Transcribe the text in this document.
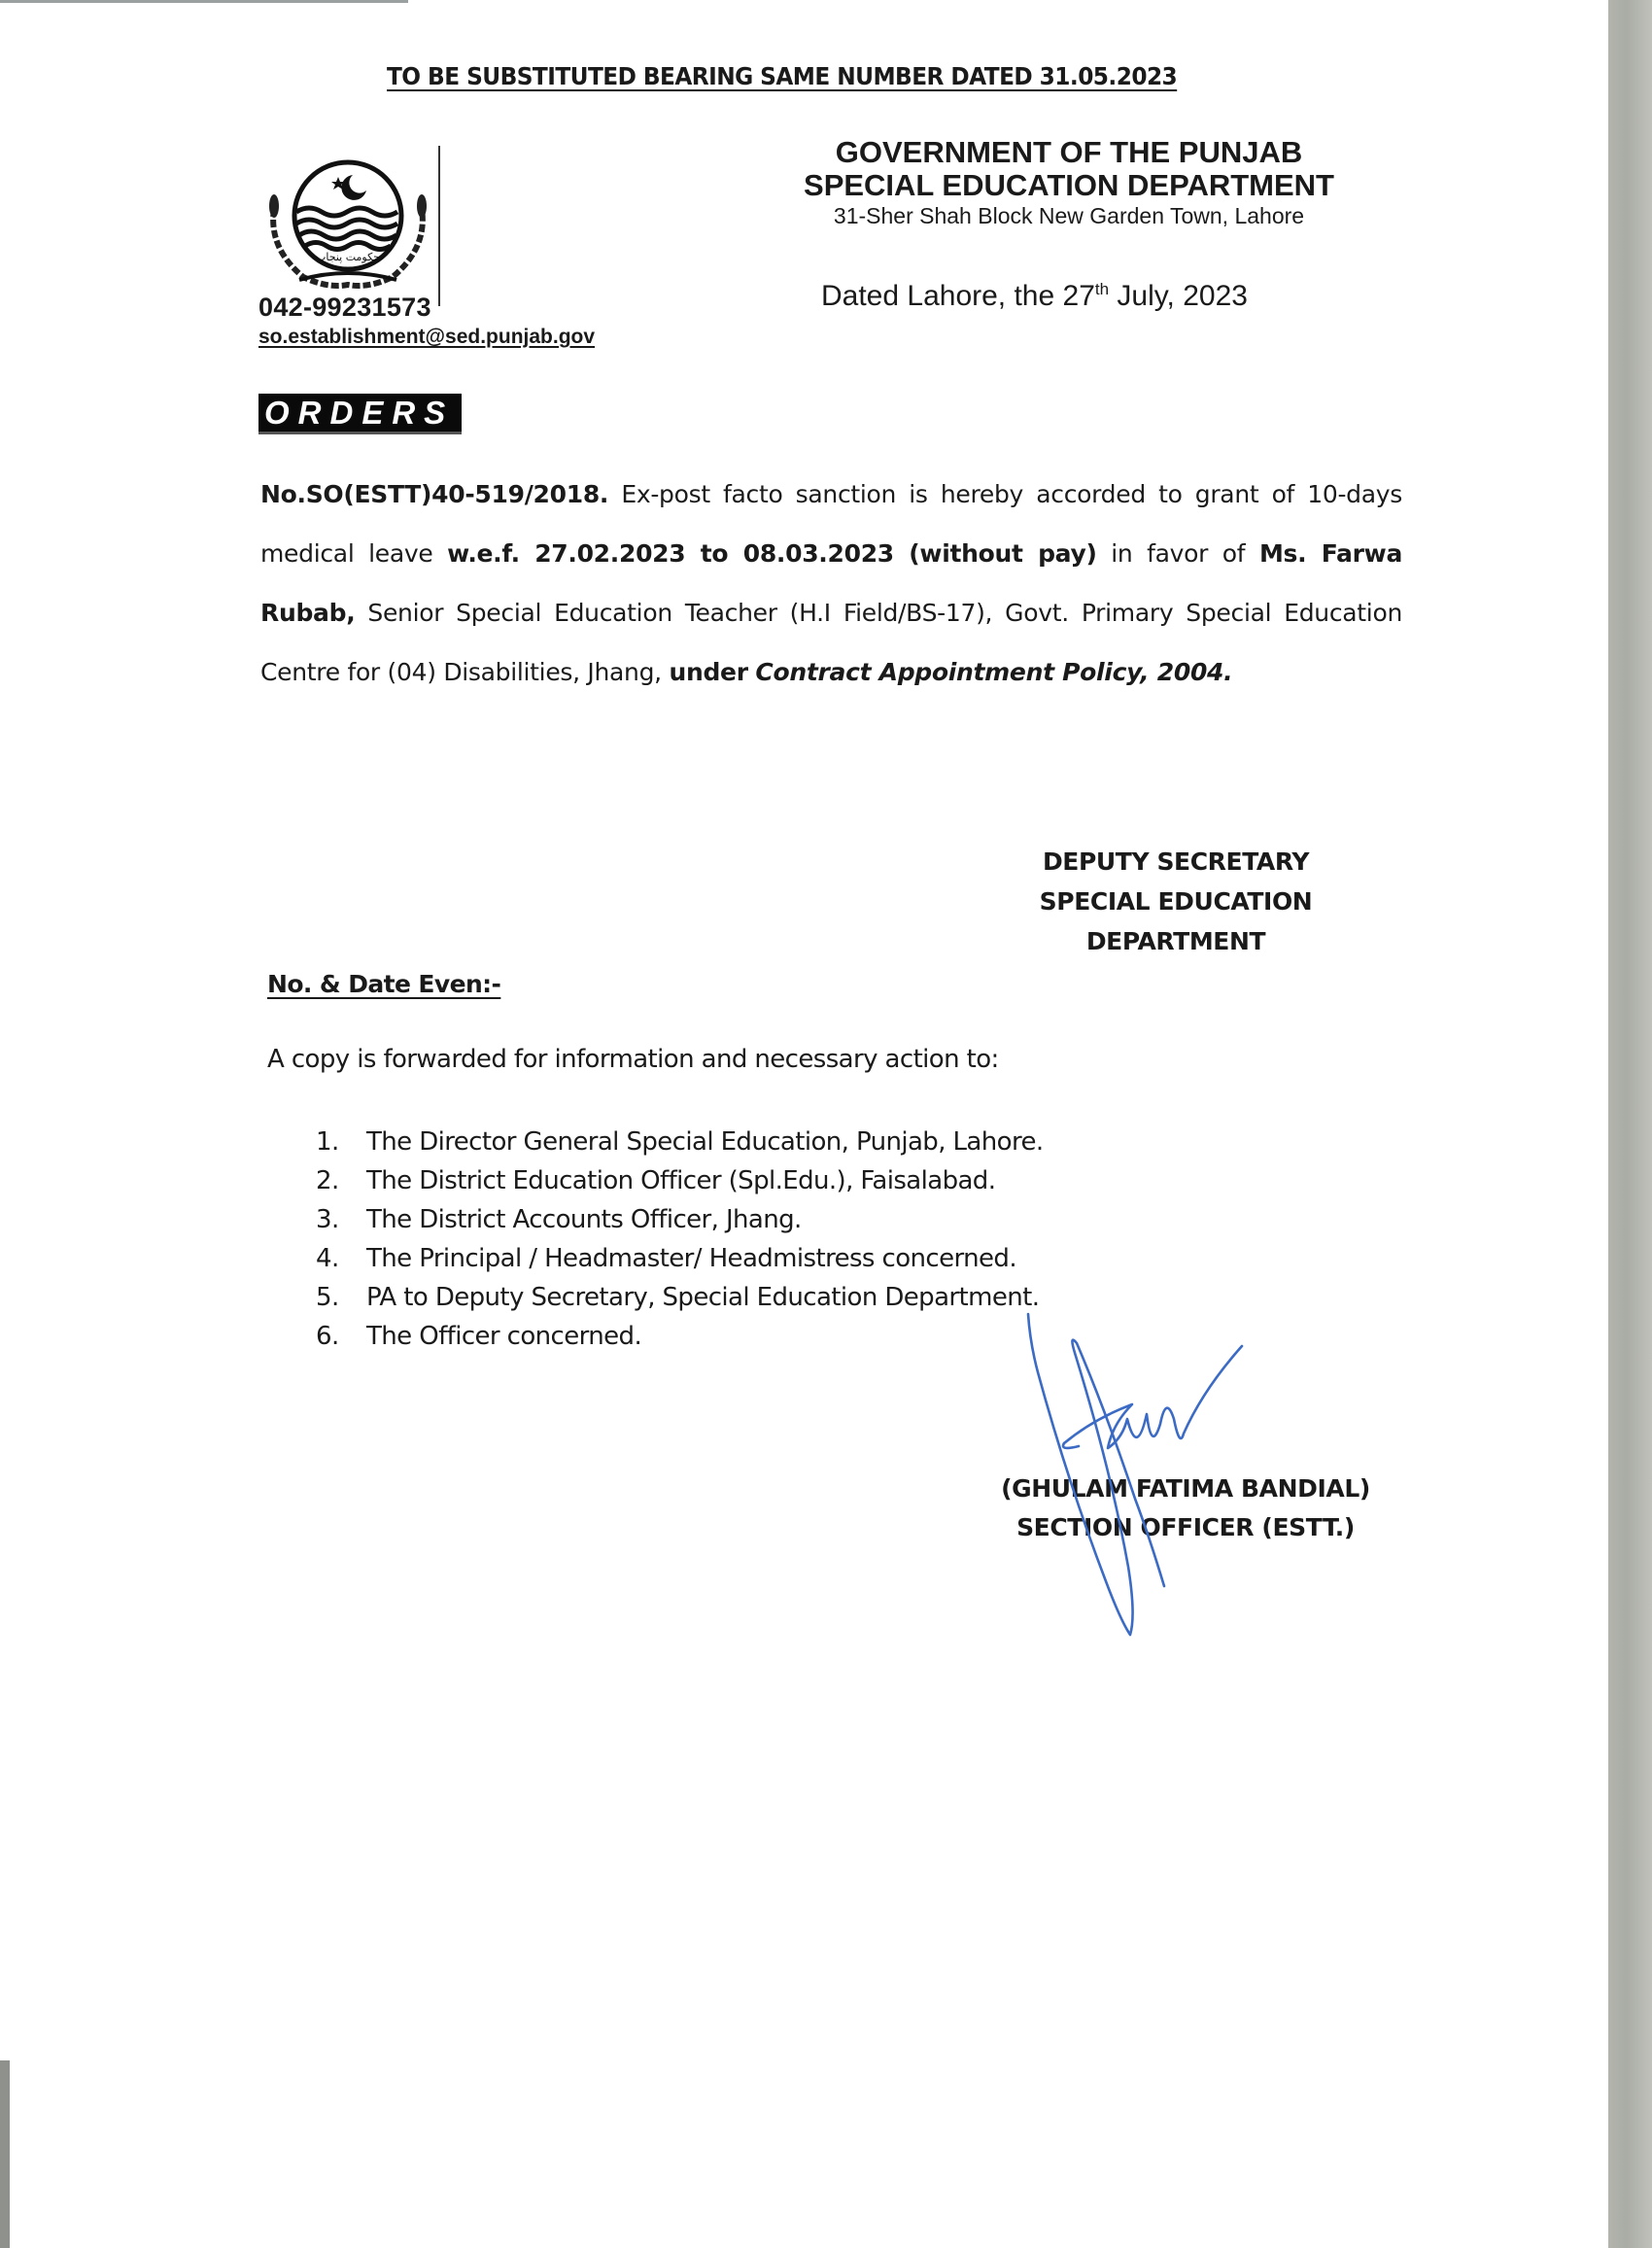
TO BE SUBSTITUTED BEARING SAME NUMBER DATED 31.05.2023
حکومت پنجاب
042-99231573
so.establishment@sed.punjab.gov
GOVERNMENT OF THE PUNJAB
SPECIAL EDUCATION DEPARTMENT
31-Sher Shah Block New Garden Town, Lahore
Dated Lahore, the 27th July, 2023
ORDERS
No.SO(ESTT)40-519/2018. Ex-post facto sanction is hereby accorded to grant of 10-days medical leave w.e.f. 27.02.2023 to 08.03.2023 (without pay) in favor of Ms. Farwa Rubab, Senior Special Education Teacher (H.I Field/BS-17), Govt. Primary Special Education Centre for (04) Disabilities, Jhang, under Contract Appointment Policy, 2004.
DEPUTY SECRETARY
SPECIAL EDUCATION
DEPARTMENT
No. & Date Even:-
A copy is forwarded for information and necessary action to:
1.	The Director General Special Education, Punjab, Lahore.
2.	The District Education Officer (Spl.Edu.), Faisalabad.
3.	The District Accounts Officer, Jhang.
4.	The Principal / Headmaster/ Headmistress concerned.
5.	PA to Deputy Secretary, Special Education Department.
6.	The Officer concerned.
(GHULAM FATIMA BANDIAL)
SECTION OFFICER (ESTT.)
